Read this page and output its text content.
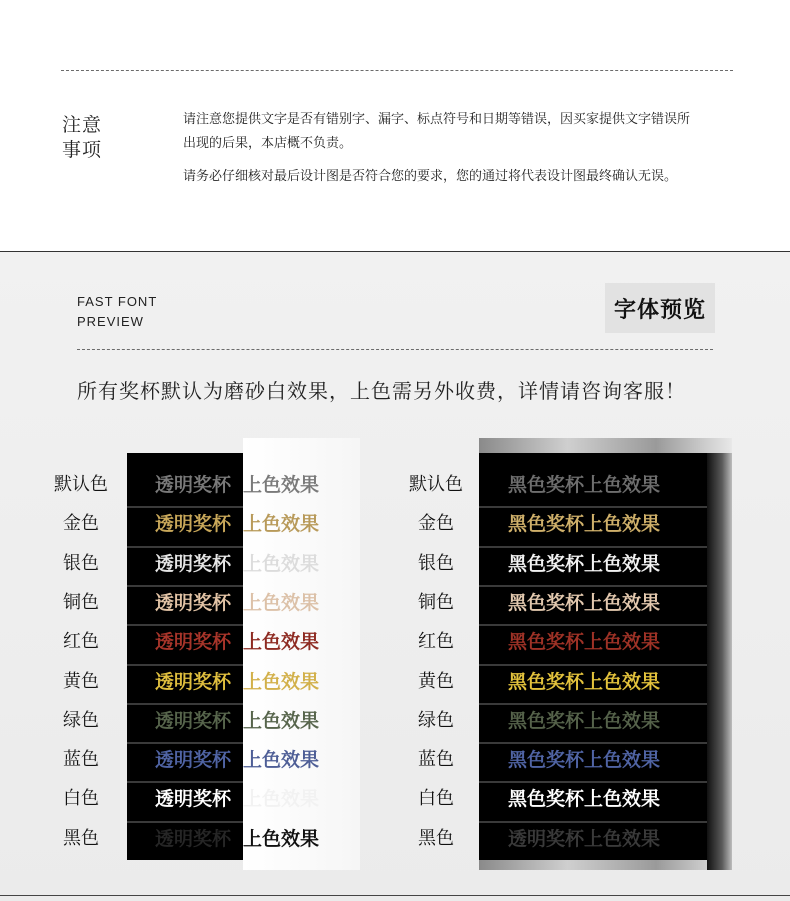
注意
事项
请注意您提供文字是否有错别字、漏字、标点符号和日期等错误，因买家提供文字错误所
出现的后果，本店概不负责。
请务必仔细核对最后设计图是否符合您的要求，您的通过将代表设计图最终确认无误。
FAST FONT
PREVIEW	字体预览
所有奖杯默认为磨砂白效果，上色需另外收费，详情请咨询客服！
默认色	透明奖杯 上色效果
金色	透明奖杯 上色效果
银色	透明奖杯 上色效果
铜色	透明奖杯 上色效果
红色	透明奖杯 上色效果
黄色	透明奖杯 上色效果
绿色	透明奖杯 上色效果
蓝色	透明奖杯 上色效果
白色	透明奖杯 上色效果
黑色	透明奖杯 上色效果
默认色	黑色奖杯上色效果
金色	黑色奖杯上色效果
银色	黑色奖杯上色效果
铜色	黑色奖杯上色效果
红色	黑色奖杯上色效果
黄色	黑色奖杯上色效果
绿色	黑色奖杯上色效果
蓝色	黑色奖杯上色效果
白色	黑色奖杯上色效果
黑色	透明奖杯上色效果
